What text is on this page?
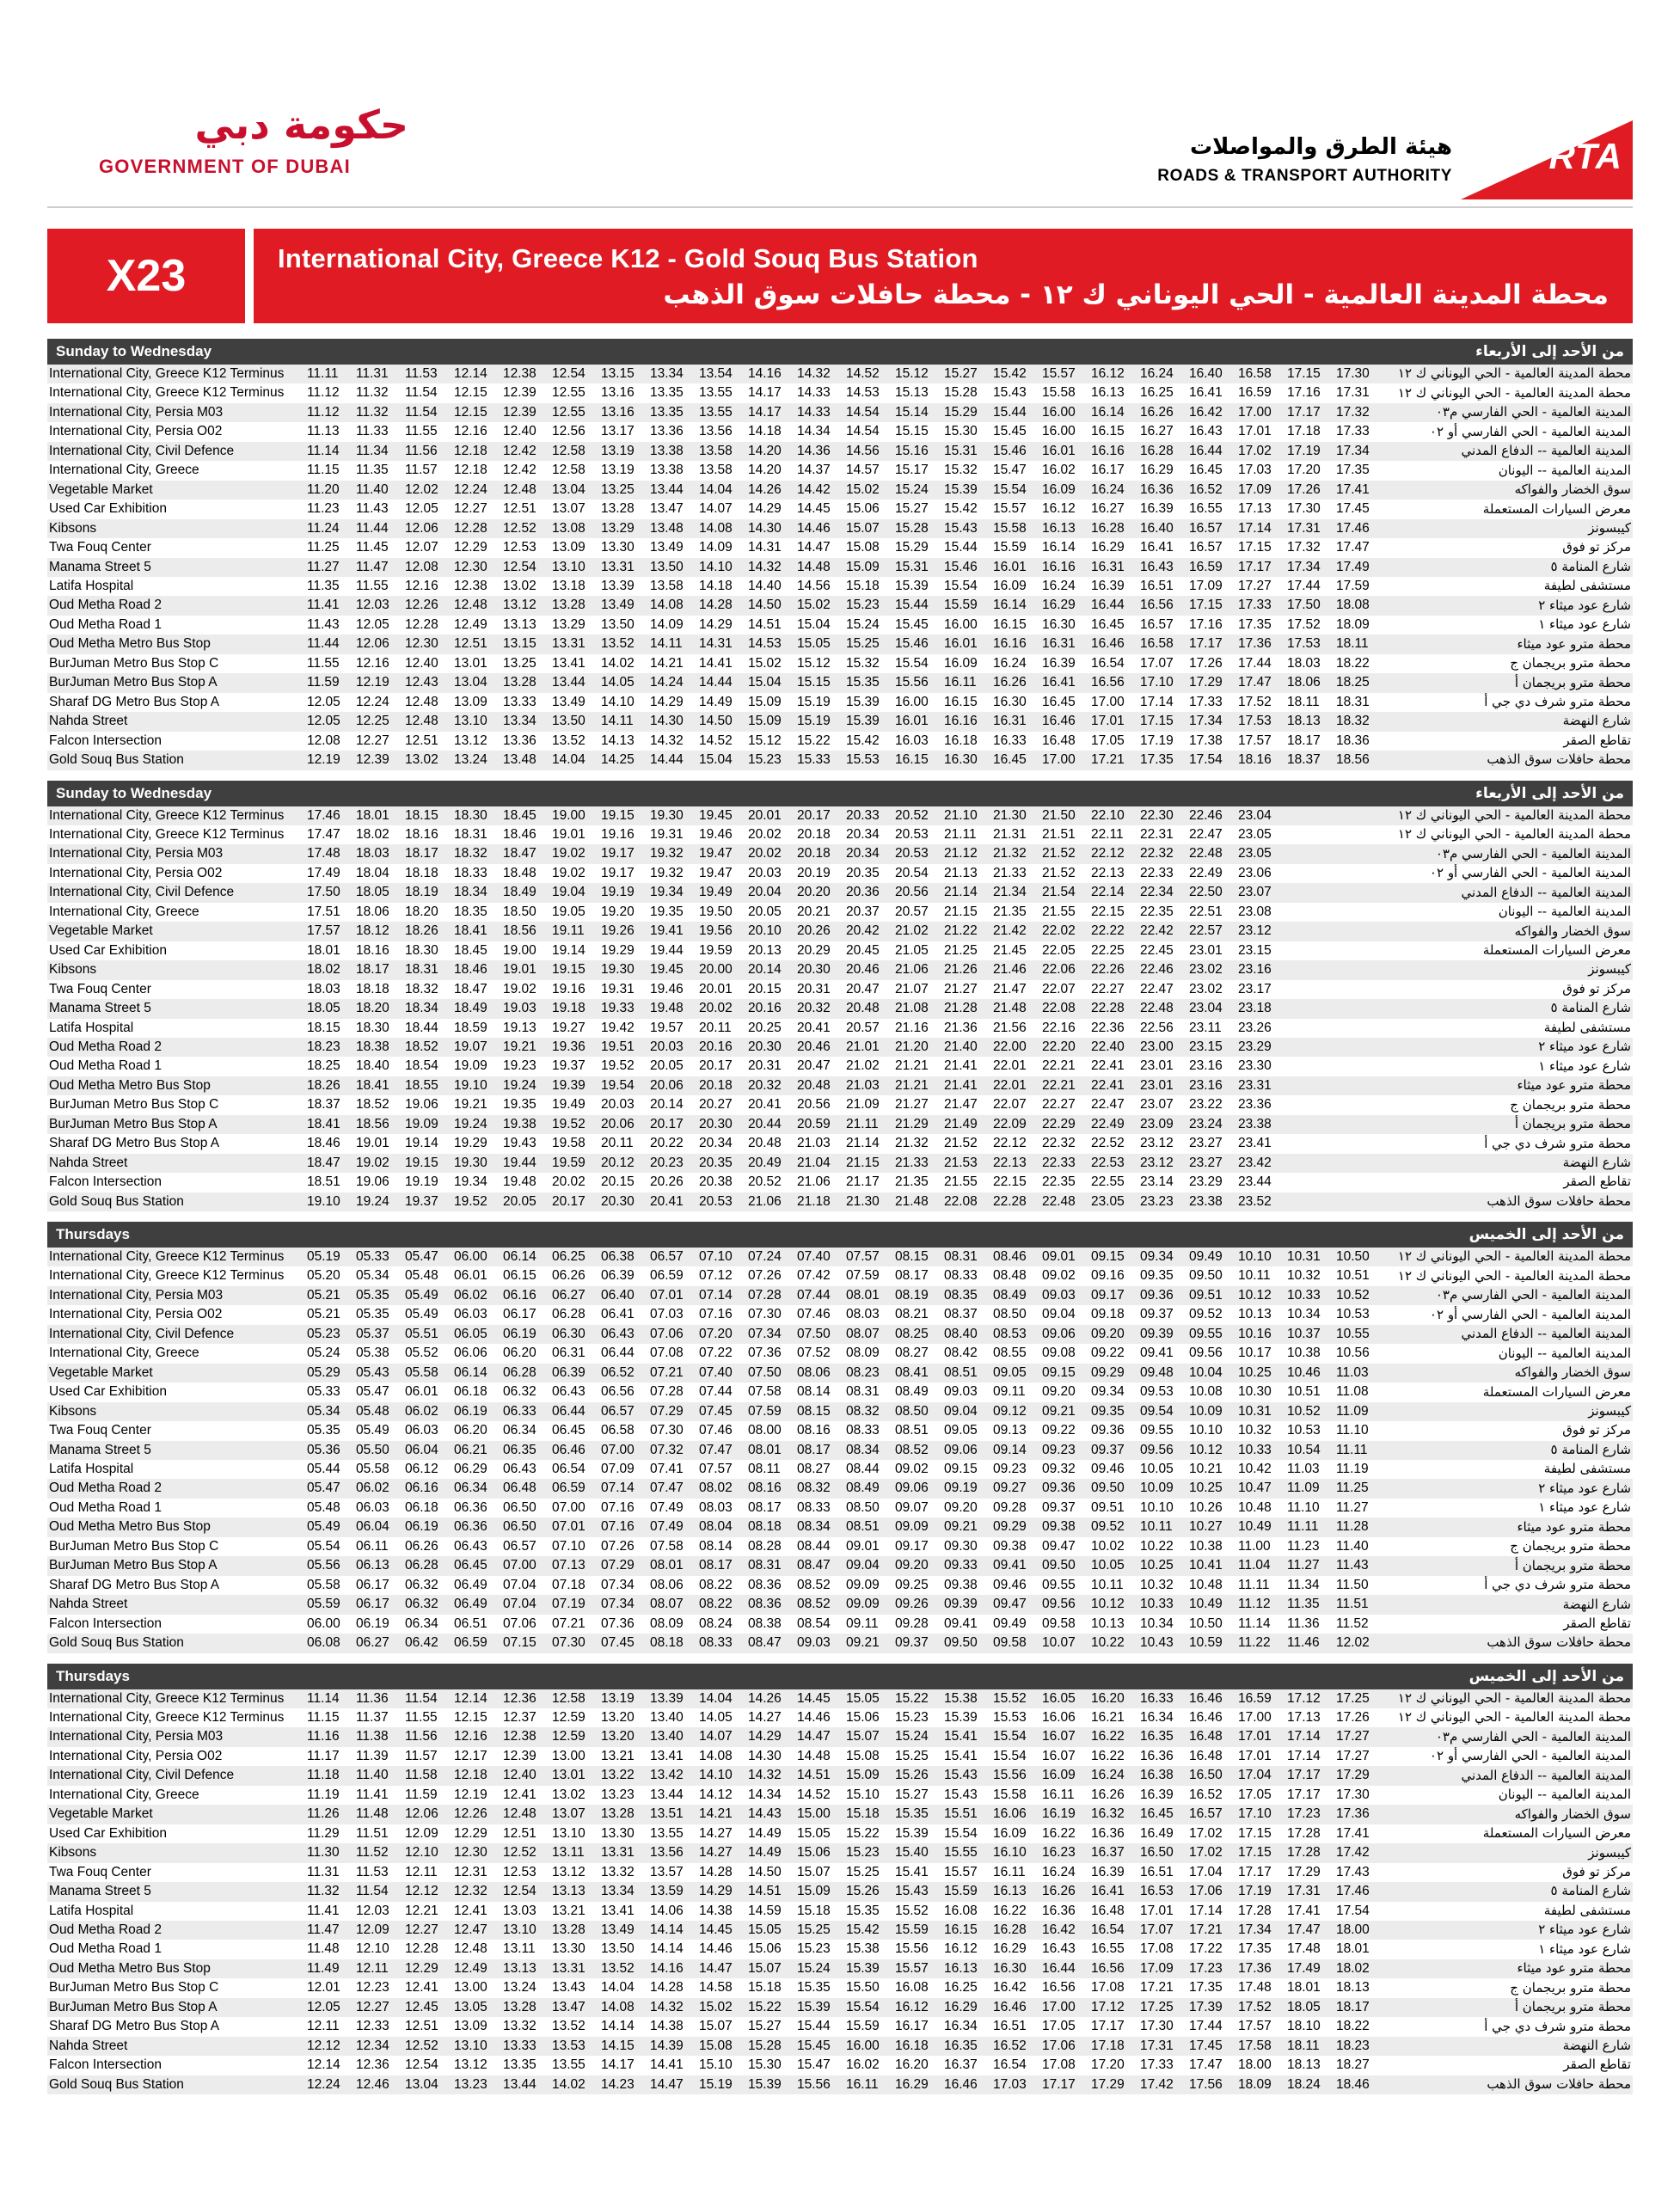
حكومة دبي
GOVERNMENT OF DUBAI
هيئة الطرق والمواصلات
ROADS & TRANSPORT AUTHORITY	RTA
X23	International City, Greece K12 - Gold Souq Bus Station
محطة المدينة العالمية - الحي اليوناني ك ١٢ - محطة حافلات سوق الذهب
Sunday to Wednesday	من الأحد إلى الأربعاء
International City, Greece K12 Terminus	11.11 11.31 11.53 12.14 12.38 12.54 13.15 13.34 13.54 14.16 14.32 14.52 15.12 15.27 15.42 15.57 16.12 16.24 16.40 16.58 17.15 17.30	محطة المدينة العالمية - الحي اليوناني ك ١٢
International City, Greece K12 Terminus	11.12 11.32 11.54 12.15 12.39 12.55 13.16 13.35 13.55 14.17 14.33 14.53 15.13 15.28 15.43 15.58 16.13 16.25 16.41 16.59 17.16 17.31	محطة المدينة العالمية - الحي اليوناني ك ١٢
International City, Persia M03	11.12 11.32 11.54 12.15 12.39 12.55 13.16 13.35 13.55 14.17 14.33 14.54 15.14 15.29 15.44 16.00 16.14 16.26 16.42 17.00 17.17 17.32	المدينة العالمية - الحي الفارسي م٠٣
International City, Persia O02	11.13 11.33 11.55 12.16 12.40 12.56 13.17 13.36 13.56 14.18 14.34 14.54 15.15 15.30 15.45 16.00 16.15 16.27 16.43 17.01 17.18 17.33	المدينة العالمية - الحي الفارسي أو ٠٢
International City, Civil Defence	11.14 11.34 11.56 12.18 12.42 12.58 13.19 13.38 13.58 14.20 14.36 14.56 15.16 15.31 15.46 16.01 16.16 16.28 16.44 17.02 17.19 17.34	المدينة العالمية -- الدفاع المدني
International City, Greece	11.15 11.35 11.57 12.18 12.42 12.58 13.19 13.38 13.58 14.20 14.37 14.57 15.17 15.32 15.47 16.02 16.17 16.29 16.45 17.03 17.20 17.35	المدينة العالمية -- اليونان
Vegetable Market	11.20 11.40 12.02 12.24 12.48 13.04 13.25 13.44 14.04 14.26 14.42 15.02 15.24 15.39 15.54 16.09 16.24 16.36 16.52 17.09 17.26 17.41	سوق الخضار والفواكه
Used Car Exhibition	11.23 11.43 12.05 12.27 12.51 13.07 13.28 13.47 14.07 14.29 14.45 15.06 15.27 15.42 15.57 16.12 16.27 16.39 16.55 17.13 17.30 17.45	معرض السيارات المستعملة
Kibsons	11.24 11.44 12.06 12.28 12.52 13.08 13.29 13.48 14.08 14.30 14.46 15.07 15.28 15.43 15.58 16.13 16.28 16.40 16.57 17.14 17.31 17.46	كيبسونز
Twa Fouq Center	11.25 11.45 12.07 12.29 12.53 13.09 13.30 13.49 14.09 14.31 14.47 15.08 15.29 15.44 15.59 16.14 16.29 16.41 16.57 17.15 17.32 17.47	مركز تو فوق
Manama Street 5	11.27 11.47 12.08 12.30 12.54 13.10 13.31 13.50 14.10 14.32 14.48 15.09 15.31 15.46 16.01 16.16 16.31 16.43 16.59 17.17 17.34 17.49	شارع المنامة ٥
Latifa Hospital	11.35 11.55 12.16 12.38 13.02 13.18 13.39 13.58 14.18 14.40 14.56 15.18 15.39 15.54 16.09 16.24 16.39 16.51 17.09 17.27 17.44 17.59	مستشفى لطيفة
Oud Metha Road 2	11.41 12.03 12.26 12.48 13.12 13.28 13.49 14.08 14.28 14.50 15.02 15.23 15.44 15.59 16.14 16.29 16.44 16.56 17.15 17.33 17.50 18.08	شارع عود ميثاء ٢
Oud Metha Road 1	11.43 12.05 12.28 12.49 13.13 13.29 13.50 14.09 14.29 14.51 15.04 15.24 15.45 16.00 16.15 16.30 16.45 16.57 17.16 17.35 17.52 18.09	شارع عود ميثاء ١
Oud Metha Metro Bus Stop	11.44 12.06 12.30 12.51 13.15 13.31 13.52 14.11 14.31 14.53 15.05 15.25 15.46 16.01 16.16 16.31 16.46 16.58 17.17 17.36 17.53 18.11	محطة مترو عود ميثاء
BurJuman Metro Bus Stop C	11.55 12.16 12.40 13.01 13.25 13.41 14.02 14.21 14.41 15.02 15.12 15.32 15.54 16.09 16.24 16.39 16.54 17.07 17.26 17.44 18.03 18.22	محطة مترو بريجمان ج
BurJuman Metro Bus Stop A	11.59 12.19 12.43 13.04 13.28 13.44 14.05 14.24 14.44 15.04 15.15 15.35 15.56 16.11 16.26 16.41 16.56 17.10 17.29 17.47 18.06 18.25	محطة مترو بريجمان أ
Sharaf DG Metro Bus Stop A	12.05 12.24 12.48 13.09 13.33 13.49 14.10 14.29 14.49 15.09 15.19 15.39 16.00 16.15 16.30 16.45 17.00 17.14 17.33 17.52 18.11 18.31	محطة مترو شرف دي جي أ
Nahda Street	12.05 12.25 12.48 13.10 13.34 13.50 14.11 14.30 14.50 15.09 15.19 15.39 16.01 16.16 16.31 16.46 17.01 17.15 17.34 17.53 18.13 18.32	شارع النهضة
Falcon Intersection	12.08 12.27 12.51 13.12 13.36 13.52 14.13 14.32 14.52 15.12 15.22 15.42 16.03 16.18 16.33 16.48 17.05 17.19 17.38 17.57 18.17 18.36	تقاطع الصقر
Gold Souq Bus Station	12.19 12.39 13.02 13.24 13.48 14.04 14.25 14.44 15.04 15.23 15.33 15.53 16.15 16.30 16.45 17.00 17.21 17.35 17.54 18.16 18.37 18.56	محطة حافلات سوق الذهب
Sunday to Wednesday	من الأحد إلى الأربعاء
International City, Greece K12 Terminus	17.46 18.01 18.15 18.30 18.45 19.00 19.15 19.30 19.45 20.01 20.17 20.33 20.52 21.10 21.30 21.50 22.10 22.30 22.46 23.04	محطة المدينة العالمية - الحي اليوناني ك ١٢
International City, Greece K12 Terminus	17.47 18.02 18.16 18.31 18.46 19.01 19.16 19.31 19.46 20.02 20.18 20.34 20.53 21.11 21.31 21.51 22.11 22.31 22.47 23.05	محطة المدينة العالمية - الحي اليوناني ك ١٢
International City, Persia M03	17.48 18.03 18.17 18.32 18.47 19.02 19.17 19.32 19.47 20.02 20.18 20.34 20.53 21.12 21.32 21.52 22.12 22.32 22.48 23.05	المدينة العالمية - الحي الفارسي م٠٣
International City, Persia O02	17.49 18.04 18.18 18.33 18.48 19.02 19.17 19.32 19.47 20.03 20.19 20.35 20.54 21.13 21.33 21.52 22.13 22.33 22.49 23.06	المدينة العالمية - الحي الفارسي أو ٠٢
International City, Civil Defence	17.50 18.05 18.19 18.34 18.49 19.04 19.19 19.34 19.49 20.04 20.20 20.36 20.56 21.14 21.34 21.54 22.14 22.34 22.50 23.07	المدينة العالمية -- الدفاع المدني
International City, Greece	17.51 18.06 18.20 18.35 18.50 19.05 19.20 19.35 19.50 20.05 20.21 20.37 20.57 21.15 21.35 21.55 22.15 22.35 22.51 23.08	المدينة العالمية -- اليونان
Vegetable Market	17.57 18.12 18.26 18.41 18.56 19.11 19.26 19.41 19.56 20.10 20.26 20.42 21.02 21.22 21.42 22.02 22.22 22.42 22.57 23.12	سوق الخضار والفواكه
Used Car Exhibition	18.01 18.16 18.30 18.45 19.00 19.14 19.29 19.44 19.59 20.13 20.29 20.45 21.05 21.25 21.45 22.05 22.25 22.45 23.01 23.15	معرض السيارات المستعملة
Kibsons	18.02 18.17 18.31 18.46 19.01 19.15 19.30 19.45 20.00 20.14 20.30 20.46 21.06 21.26 21.46 22.06 22.26 22.46 23.02 23.16	كيبسونز
Twa Fouq Center	18.03 18.18 18.32 18.47 19.02 19.16 19.31 19.46 20.01 20.15 20.31 20.47 21.07 21.27 21.47 22.07 22.27 22.47 23.02 23.17	مركز تو فوق
Manama Street 5	18.05 18.20 18.34 18.49 19.03 19.18 19.33 19.48 20.02 20.16 20.32 20.48 21.08 21.28 21.48 22.08 22.28 22.48 23.04 23.18	شارع المنامة ٥
Latifa Hospital	18.15 18.30 18.44 18.59 19.13 19.27 19.42 19.57 20.11 20.25 20.41 20.57 21.16 21.36 21.56 22.16 22.36 22.56 23.11 23.26	مستشفى لطيفة
Oud Metha Road 2	18.23 18.38 18.52 19.07 19.21 19.36 19.51 20.03 20.16 20.30 20.46 21.01 21.20 21.40 22.00 22.20 22.40 23.00 23.15 23.29	شارع عود ميثاء ٢
Oud Metha Road 1	18.25 18.40 18.54 19.09 19.23 19.37 19.52 20.05 20.17 20.31 20.47 21.02 21.21 21.41 22.01 22.21 22.41 23.01 23.16 23.30	شارع عود ميثاء ١
Oud Metha Metro Bus Stop	18.26 18.41 18.55 19.10 19.24 19.39 19.54 20.06 20.18 20.32 20.48 21.03 21.21 21.41 22.01 22.21 22.41 23.01 23.16 23.31	محطة مترو عود ميثاء
BurJuman Metro Bus Stop C	18.37 18.52 19.06 19.21 19.35 19.49 20.03 20.14 20.27 20.41 20.56 21.09 21.27 21.47 22.07 22.27 22.47 23.07 23.22 23.36	محطة مترو بريجمان ج
BurJuman Metro Bus Stop A	18.41 18.56 19.09 19.24 19.38 19.52 20.06 20.17 20.30 20.44 20.59 21.11 21.29 21.49 22.09 22.29 22.49 23.09 23.24 23.38	محطة مترو بريجمان أ
Sharaf DG Metro Bus Stop A	18.46 19.01 19.14 19.29 19.43 19.58 20.11 20.22 20.34 20.48 21.03 21.14 21.32 21.52 22.12 22.32 22.52 23.12 23.27 23.41	محطة مترو شرف دي جي أ
Nahda Street	18.47 19.02 19.15 19.30 19.44 19.59 20.12 20.23 20.35 20.49 21.04 21.15 21.33 21.53 22.13 22.33 22.53 23.12 23.27 23.42	شارع النهضة
Falcon Intersection	18.51 19.06 19.19 19.34 19.48 20.02 20.15 20.26 20.38 20.52 21.06 21.17 21.35 21.55 22.15 22.35 22.55 23.14 23.29 23.44	تقاطع الصقر
Gold Souq Bus Station	19.10 19.24 19.37 19.52 20.05 20.17 20.30 20.41 20.53 21.06 21.18 21.30 21.48 22.08 22.28 22.48 23.05 23.23 23.38 23.52	محطة حافلات سوق الذهب
Thursdays	من الأحد إلى الخميس
International City, Greece K12 Terminus	05.19 05.33 05.47 06.00 06.14 06.25 06.38 06.57 07.10 07.24 07.40 07.57 08.15 08.31 08.46 09.01 09.15 09.34 09.49 10.10 10.31 10.50	محطة المدينة العالمية - الحي اليوناني ك ١٢
International City, Greece K12 Terminus	05.20 05.34 05.48 06.01 06.15 06.26 06.39 06.59 07.12 07.26 07.42 07.59 08.17 08.33 08.48 09.02 09.16 09.35 09.50 10.11 10.32 10.51	محطة المدينة العالمية - الحي اليوناني ك ١٢
International City, Persia M03	05.21 05.35 05.49 06.02 06.16 06.27 06.40 07.01 07.14 07.28 07.44 08.01 08.19 08.35 08.49 09.03 09.17 09.36 09.51 10.12 10.33 10.52	المدينة العالمية - الحي الفارسي م٠٣
International City, Persia O02	05.21 05.35 05.49 06.03 06.17 06.28 06.41 07.03 07.16 07.30 07.46 08.03 08.21 08.37 08.50 09.04 09.18 09.37 09.52 10.13 10.34 10.53	المدينة العالمية - الحي الفارسي أو ٠٢
International City, Civil Defence	05.23 05.37 05.51 06.05 06.19 06.30 06.43 07.06 07.20 07.34 07.50 08.07 08.25 08.40 08.53 09.06 09.20 09.39 09.55 10.16 10.37 10.55	المدينة العالمية -- الدفاع المدني
International City, Greece	05.24 05.38 05.52 06.06 06.20 06.31 06.44 07.08 07.22 07.36 07.52 08.09 08.27 08.42 08.55 09.08 09.22 09.41 09.56 10.17 10.38 10.56	المدينة العالمية -- اليونان
Vegetable Market	05.29 05.43 05.58 06.14 06.28 06.39 06.52 07.21 07.40 07.50 08.06 08.23 08.41 08.51 09.05 09.15 09.29 09.48 10.04 10.25 10.46 11.03	سوق الخضار والفواكه
Used Car Exhibition	05.33 05.47 06.01 06.18 06.32 06.43 06.56 07.28 07.44 07.58 08.14 08.31 08.49 09.03 09.11 09.20 09.34 09.53 10.08 10.30 10.51 11.08	معرض السيارات المستعملة
Kibsons	05.34 05.48 06.02 06.19 06.33 06.44 06.57 07.29 07.45 07.59 08.15 08.32 08.50 09.04 09.12 09.21 09.35 09.54 10.09 10.31 10.52 11.09	كيبسونز
Twa Fouq Center	05.35 05.49 06.03 06.20 06.34 06.45 06.58 07.30 07.46 08.00 08.16 08.33 08.51 09.05 09.13 09.22 09.36 09.55 10.10 10.32 10.53 11.10	مركز تو فوق
Manama Street 5	05.36 05.50 06.04 06.21 06.35 06.46 07.00 07.32 07.47 08.01 08.17 08.34 08.52 09.06 09.14 09.23 09.37 09.56 10.12 10.33 10.54 11.11	شارع المنامة ٥
Latifa Hospital	05.44 05.58 06.12 06.29 06.43 06.54 07.09 07.41 07.57 08.11 08.27 08.44 09.02 09.15 09.23 09.32 09.46 10.05 10.21 10.42 11.03 11.19	مستشفى لطيفة
Oud Metha Road 2	05.47 06.02 06.16 06.34 06.48 06.59 07.14 07.47 08.02 08.16 08.32 08.49 09.06 09.19 09.27 09.36 09.50 10.09 10.25 10.47 11.09 11.25	شارع عود ميثاء ٢
Oud Metha Road 1	05.48 06.03 06.18 06.36 06.50 07.00 07.16 07.49 08.03 08.17 08.33 08.50 09.07 09.20 09.28 09.37 09.51 10.10 10.26 10.48 11.10 11.27	شارع عود ميثاء ١
Oud Metha Metro Bus Stop	05.49 06.04 06.19 06.36 06.50 07.01 07.16 07.49 08.04 08.18 08.34 08.51 09.09 09.21 09.29 09.38 09.52 10.11 10.27 10.49 11.11 11.28	محطة مترو عود ميثاء
BurJuman Metro Bus Stop C	05.54 06.11 06.26 06.43 06.57 07.10 07.26 07.58 08.14 08.28 08.44 09.01 09.17 09.30 09.38 09.47 10.02 10.22 10.38 11.00 11.23 11.40	محطة مترو بريجمان ج
BurJuman Metro Bus Stop A	05.56 06.13 06.28 06.45 07.00 07.13 07.29 08.01 08.17 08.31 08.47 09.04 09.20 09.33 09.41 09.50 10.05 10.25 10.41 11.04 11.27 11.43	محطة مترو بريجمان أ
Sharaf DG Metro Bus Stop A	05.58 06.17 06.32 06.49 07.04 07.18 07.34 08.06 08.22 08.36 08.52 09.09 09.25 09.38 09.46 09.55 10.11 10.32 10.48 11.11 11.34 11.50	محطة مترو شرف دي جي أ
Nahda Street	05.59 06.17 06.32 06.49 07.04 07.19 07.34 08.07 08.22 08.36 08.52 09.09 09.26 09.39 09.47 09.56 10.12 10.33 10.49 11.12 11.35 11.51	شارع النهضة
Falcon Intersection	06.00 06.19 06.34 06.51 07.06 07.21 07.36 08.09 08.24 08.38 08.54 09.11 09.28 09.41 09.49 09.58 10.13 10.34 10.50 11.14 11.36 11.52	تقاطع الصقر
Gold Souq Bus Station	06.08 06.27 06.42 06.59 07.15 07.30 07.45 08.18 08.33 08.47 09.03 09.21 09.37 09.50 09.58 10.07 10.22 10.43 10.59 11.22 11.46 12.02	محطة حافلات سوق الذهب
Thursdays	من الأحد إلى الخميس
International City, Greece K12 Terminus	11.14 11.36 11.54 12.14 12.36 12.58 13.19 13.39 14.04 14.26 14.45 15.05 15.22 15.38 15.52 16.05 16.20 16.33 16.46 16.59 17.12 17.25	محطة المدينة العالمية - الحي اليوناني ك ١٢
International City, Greece K12 Terminus	11.15 11.37 11.55 12.15 12.37 12.59 13.20 13.40 14.05 14.27 14.46 15.06 15.23 15.39 15.53 16.06 16.21 16.34 16.46 17.00 17.13 17.26	محطة المدينة العالمية - الحي اليوناني ك ١٢
International City, Persia M03	11.16 11.38 11.56 12.16 12.38 12.59 13.20 13.40 14.07 14.29 14.47 15.07 15.24 15.41 15.54 16.07 16.22 16.35 16.48 17.01 17.14 17.27	المدينة العالمية - الحي الفارسي م٠٣
International City, Persia O02	11.17 11.39 11.57 12.17 12.39 13.00 13.21 13.41 14.08 14.30 14.48 15.08 15.25 15.41 15.54 16.07 16.22 16.36 16.48 17.01 17.14 17.27	المدينة العالمية - الحي الفارسي أو ٠٢
International City, Civil Defence	11.18 11.40 11.58 12.18 12.40 13.01 13.22 13.42 14.10 14.32 14.51 15.09 15.26 15.43 15.56 16.09 16.24 16.38 16.50 17.04 17.17 17.29	المدينة العالمية -- الدفاع المدني
International City, Greece	11.19 11.41 11.59 12.19 12.41 13.02 13.23 13.44 14.12 14.34 14.52 15.10 15.27 15.43 15.58 16.11 16.26 16.39 16.52 17.05 17.17 17.30	المدينة العالمية -- اليونان
Vegetable Market	11.26 11.48 12.06 12.26 12.48 13.07 13.28 13.51 14.21 14.43 15.00 15.18 15.35 15.51 16.06 16.19 16.32 16.45 16.57 17.10 17.23 17.36	سوق الخضار والفواكه
Used Car Exhibition	11.29 11.51 12.09 12.29 12.51 13.10 13.30 13.55 14.27 14.49 15.05 15.22 15.39 15.54 16.09 16.22 16.36 16.49 17.02 17.15 17.28 17.41	معرض السيارات المستعملة
Kibsons	11.30 11.52 12.10 12.30 12.52 13.11 13.31 13.56 14.27 14.49 15.06 15.23 15.40 15.55 16.10 16.23 16.37 16.50 17.02 17.15 17.28 17.42	كيبسونز
Twa Fouq Center	11.31 11.53 12.11 12.31 12.53 13.12 13.32 13.57 14.28 14.50 15.07 15.25 15.41 15.57 16.11 16.24 16.39 16.51 17.04 17.17 17.29 17.43	مركز تو فوق
Manama Street 5	11.32 11.54 12.12 12.32 12.54 13.13 13.34 13.59 14.29 14.51 15.09 15.26 15.43 15.59 16.13 16.26 16.41 16.53 17.06 17.19 17.31 17.46	شارع المنامة ٥
Latifa Hospital	11.41 12.03 12.21 12.41 13.03 13.21 13.41 14.06 14.38 14.59 15.18 15.35 15.52 16.08 16.22 16.36 16.48 17.01 17.14 17.28 17.41 17.54	مستشفى لطيفة
Oud Metha Road 2	11.47 12.09 12.27 12.47 13.10 13.28 13.49 14.14 14.45 15.05 15.25 15.42 15.59 16.15 16.28 16.42 16.54 17.07 17.21 17.34 17.47 18.00	شارع عود ميثاء ٢
Oud Metha Road 1	11.48 12.10 12.28 12.48 13.11 13.30 13.50 14.14 14.46 15.06 15.23 15.38 15.56 16.12 16.29 16.43 16.55 17.08 17.22 17.35 17.48 18.01	شارع عود ميثاء ١
Oud Metha Metro Bus Stop	11.49 12.11 12.29 12.49 13.13 13.31 13.52 14.16 14.47 15.07 15.24 15.39 15.57 16.13 16.30 16.44 16.56 17.09 17.23 17.36 17.49 18.02	محطة مترو عود ميثاء
BurJuman Metro Bus Stop C	12.01 12.23 12.41 13.00 13.24 13.43 14.04 14.28 14.58 15.18 15.35 15.50 16.08 16.25 16.42 16.56 17.08 17.21 17.35 17.48 18.01 18.13	محطة مترو بريجمان ج
BurJuman Metro Bus Stop A	12.05 12.27 12.45 13.05 13.28 13.47 14.08 14.32 15.02 15.22 15.39 15.54 16.12 16.29 16.46 17.00 17.12 17.25 17.39 17.52 18.05 18.17	محطة مترو بريجمان أ
Sharaf DG Metro Bus Stop A	12.11 12.33 12.51 13.09 13.32 13.52 14.14 14.38 15.07 15.27 15.44 15.59 16.17 16.34 16.51 17.05 17.17 17.30 17.44 17.57 18.10 18.22	محطة مترو شرف دي جي أ
Nahda Street	12.12 12.34 12.52 13.10 13.33 13.53 14.15 14.39 15.08 15.28 15.45 16.00 16.18 16.35 16.52 17.06 17.18 17.31 17.45 17.58 18.11 18.23	شارع النهضة
Falcon Intersection	12.14 12.36 12.54 13.12 13.35 13.55 14.17 14.41 15.10 15.30 15.47 16.02 16.20 16.37 16.54 17.08 17.20 17.33 17.47 18.00 18.13 18.27	تقاطع الصقر
Gold Souq Bus Station	12.24 12.46 13.04 13.23 13.44 14.02 14.23 14.47 15.19 15.39 15.56 16.11 16.29 16.46 17.03 17.17 17.29 17.42 17.56 18.09 18.24 18.46	محطة حافلات سوق الذهب
